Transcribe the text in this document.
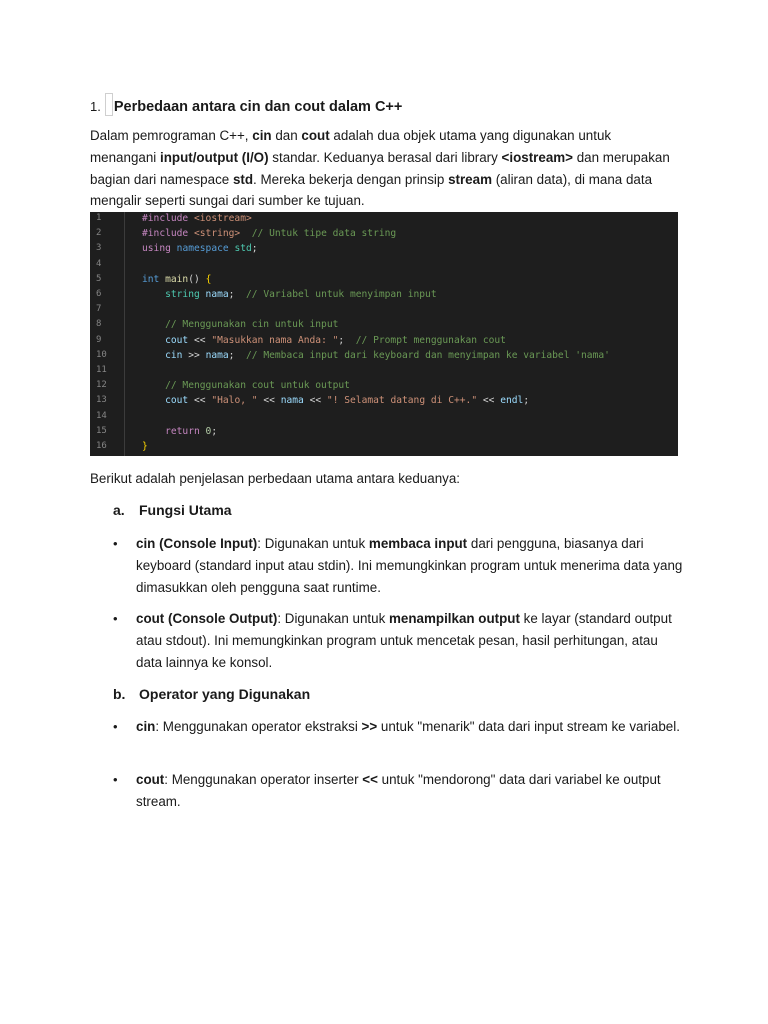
1. Perbedaan antara cin dan cout dalam C++
Dalam pemrograman C++, cin dan cout adalah dua objek utama yang digunakan untuk menangani input/output (I/O) standar. Keduanya berasal dari library <iostream> dan merupakan bagian dari namespace std. Mereka bekerja dengan prinsip stream (aliran data), di mana data mengalir seperti sungai dari sumber ke tujuan.
1
2
3
4
5
6
7
8
9
10
11
12
13
14
15
16
#include <iostream>
#include <string> // Untuk tipe data string
using namespace std;
int main() {
string nama; // Variabel untuk menyimpan input
// Menggunakan cin untuk input
cout << "Masukkan nama Anda: "; // Prompt menggunakan cout
cin >> nama; // Membaca input dari keyboard dan menyimpan ke variabel 'nama'
// Menggunakan cout untuk output
cout << "Halo, " << nama << "! Selamat datang di C++." << endl;
return 0;
}
Berikut adalah penjelasan perbedaan utama antara keduanya:
a. Fungsi Utama
• cin (Console Input): Digunakan untuk membaca input dari pengguna, biasanya dari keyboard (standard input atau stdin). Ini memungkinkan program untuk menerima data yang dimasukkan oleh pengguna saat runtime.
• cout (Console Output): Digunakan untuk menampilkan output ke layar (standard output atau stdout). Ini memungkinkan program untuk mencetak pesan, hasil perhitungan, atau data lainnya ke konsol.
b. Operator yang Digunakan
• cin: Menggunakan operator ekstraksi >> untuk "menarik" data dari input stream ke variabel.
• cout: Menggunakan operator inserter << untuk "mendorong" data dari variabel ke output stream.
